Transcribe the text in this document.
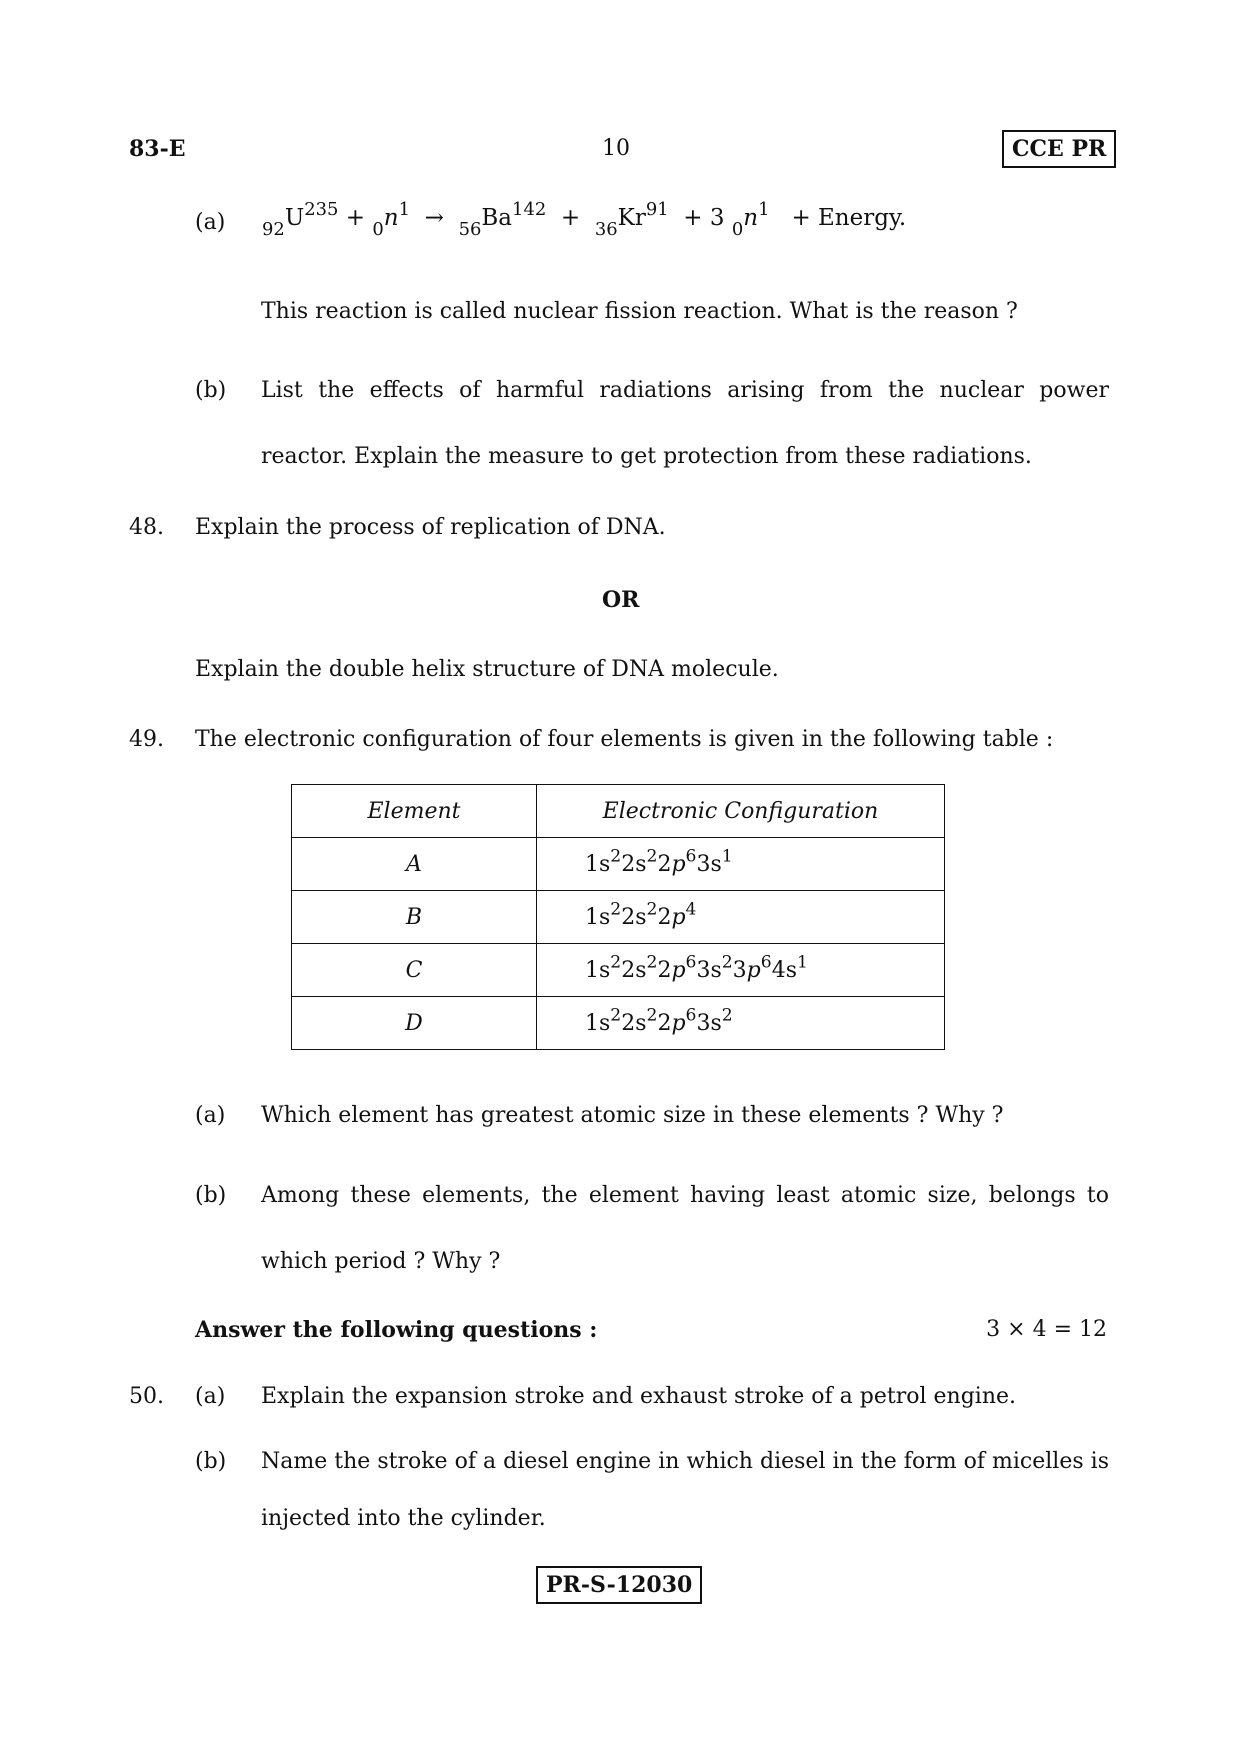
83-E	10	CCE PR
(a) $_{92}U^{235} + _0n^1 \to _{56}Ba^{142} + _{36}Kr^{91} + 3$ $_0n^1$ + Energy.
This reaction is called nuclear fission reaction. What is the reason ?
(b) List the effects of harmful radiations arising from the nuclear power
reactor. Explain the measure to get protection from these radiations.
48. Explain the process of replication of DNA.
OR
Explain the double helix structure of DNA molecule.
49. The electronic configuration of four elements is given in the following table :
Element	Electronic Configuration
A	$1s^22s^22p^63s^1$
B	$1s^22s^22p^4$
C	$1s^22s^22p^63s^23p^64s^1$
D	$1s^22s^22p^63s^2$
(a) Which element has greatest atomic size in these elements ? Why ?
(b) Among these elements, the element having least atomic size, belongs to
which period ? Why ?
Answer the following questions :	3 × 4 = 12
50. (a) Explain the expansion stroke and exhaust stroke of a petrol engine.
(b) Name the stroke of a diesel engine in which diesel in the form of micelles is
injected into the cylinder.
PR-S-12030
